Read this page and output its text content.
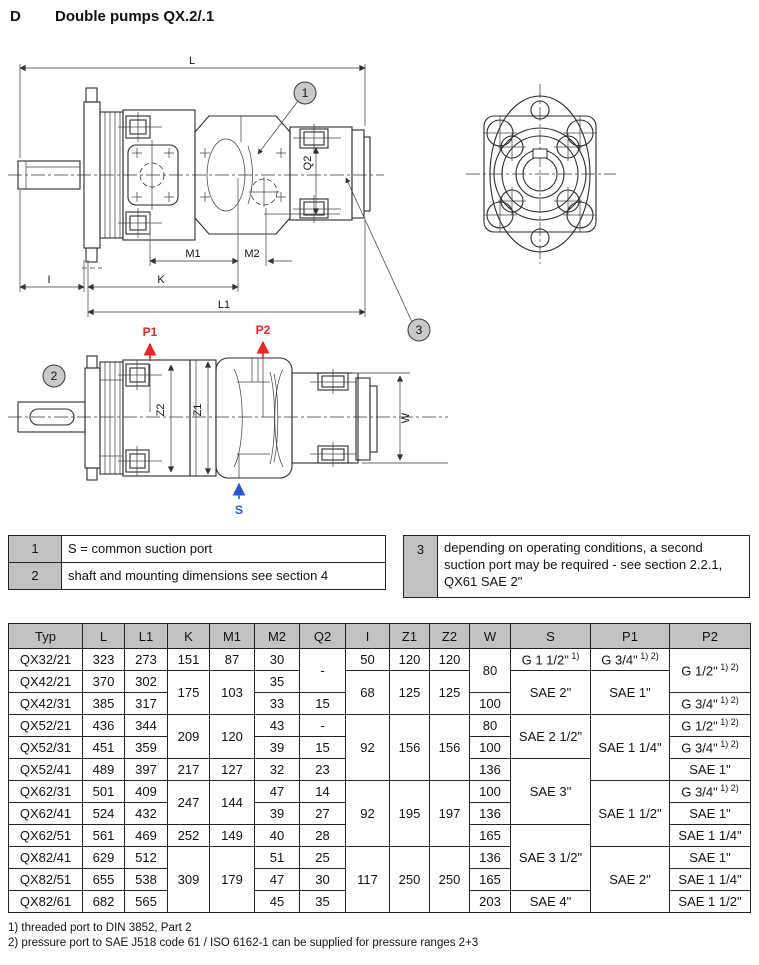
D Double pumps QX.2/.1
Q2
L
M1	M2
I	K
L1
Z2 Z1
W
P1	P2
S
1
2
3
1	S = common suction port
2	shaft and mounting dimensions see section 4
3	depending on operating conditions, a second suction port may be required - see section 2.2.1, QX61 SAE 2"
Typ	L	L1	K	M1	M2	Q2	I	Z1	Z2	W	S	P1	P2
QX32/21	323	273	151	87	30	-	50	120	120	80	G 1 1/2" $^{1)}$	G 3/4" $^{1) 2)}$	G 1/2" $^{1) 2)}$
QX42/21	370	302	175	103	35		68	125	125		SAE 2"	SAE 1"	
QX42/31	385	317			33	15				100			G 3/4" $^{1) 2)}$
QX52/21	436	344	209	120	43	-	92	156	156	80	SAE 2 1/2"	SAE 1 1/4"	G 1/2" $^{1) 2)}$
QX52/31	451	359			39	15				100			G 3/4" $^{1) 2)}$
QX52/41	489	397	217	127	32	23				136	SAE 3"		SAE 1"
QX62/31	501	409	247	144	47	14	92	195	197	100		SAE 1 1/2"	G 3/4" $^{1) 2)}$
QX62/41	524	432			39	27				136			SAE 1"
QX62/51	561	469	252	149	40	28				165	SAE 3 1/2"		SAE 1 1/4"
QX82/41	629	512	309	179	51	25	117	250	250	136		SAE 2"	SAE 1"
QX82/51	655	538			47	30				165			SAE 1 1/4"
QX82/61	682	565			45	35				203	SAE 4"		SAE 1 1/2"
1) threaded port to DIN 3852, Part 2
2) pressure port to SAE J518 code 61 / ISO 6162-1 can be supplied for pressure ranges 2+3
